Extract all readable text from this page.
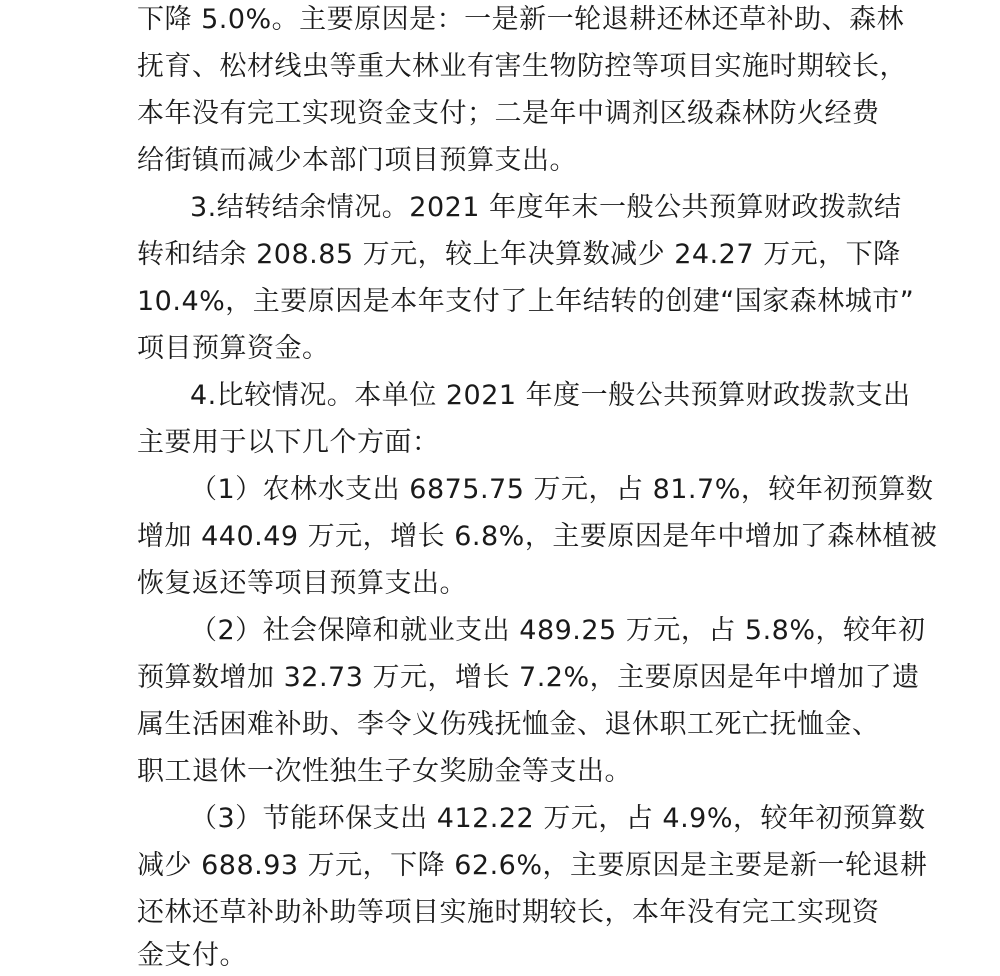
下降 5.0%。主要原因是：一是新一轮退耕还林还草补助、森林
抚育、松材线虫等重大林业有害生物防控等项目实施时期较长，
本年没有完工实现资金支付；二是年中调剂区级森林防火经费
给街镇而减少本部门项目预算支出。
3.结转结余情况。2021 年度年末一般公共预算财政拨款结
转和结余 208.85 万元，较上年决算数减少 24.27 万元，下降
10.4%，主要原因是本年支付了上年结转的创建“国家森林城市”
项目预算资金。
4.比较情况。本单位 2021 年度一般公共预算财政拨款支出
主要用于以下几个方面：
（1）农林水支出 6875.75 万元，占 81.7%，较年初预算数
增加 440.49 万元，增长 6.8%，主要原因是年中增加了森林植被
恢复返还等项目预算支出。
（2）社会保障和就业支出 489.25 万元，占 5.8%，较年初
预算数增加 32.73 万元，增长 7.2%，主要原因是年中增加了遗
属生活困难补助、李令义伤残抚恤金、退休职工死亡抚恤金、
职工退休一次性独生子女奖励金等支出。
（3）节能环保支出 412.22 万元，占 4.9%，较年初预算数
减少 688.93 万元，下降 62.6%，主要原因是主要是新一轮退耕
还林还草补助补助等项目实施时期较长，本年没有完工实现资
金支付。
